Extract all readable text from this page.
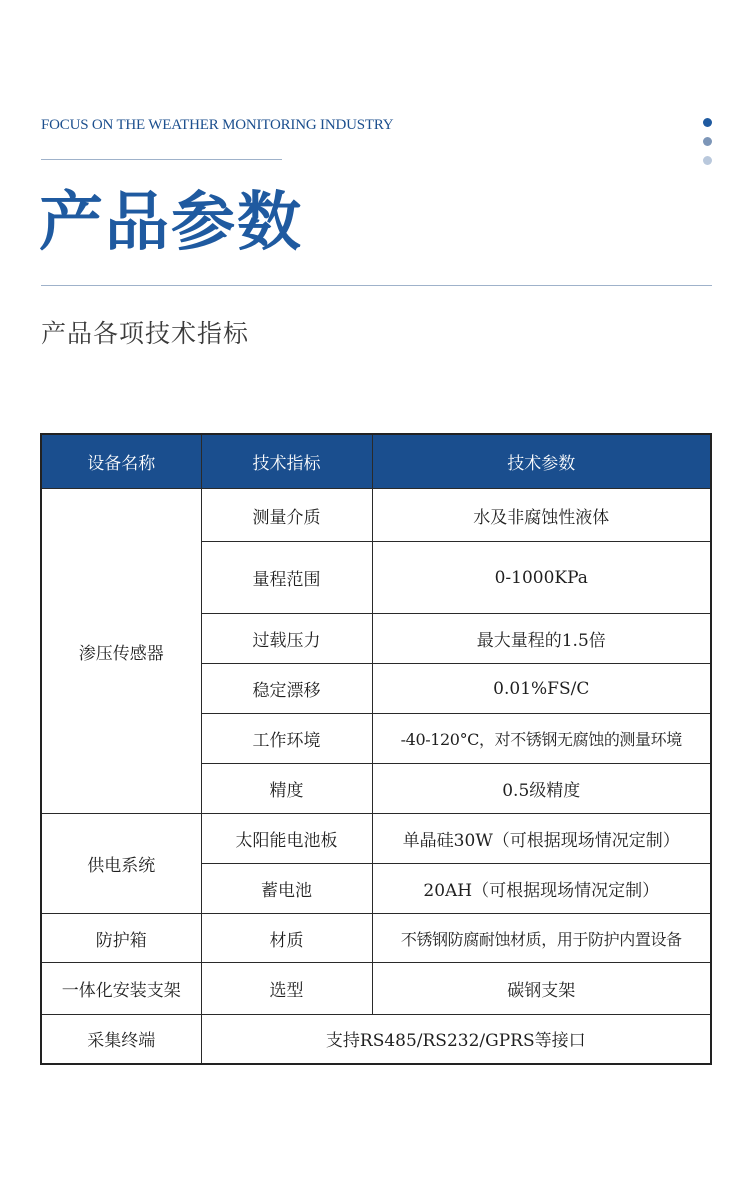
FOCUS ON THE WEATHER MONITORING INDUSTRY
产品参数
产品各项技术指标
设备名称	技术指标	技术参数
渗压传感器	测量介质	水及非腐蚀性液体
	量程范围	0-1000KPa
	过载压力	最大量程的1.5倍
	稳定漂移	0.01%FS/C
	工作环境	-40-120°C，对不锈钢无腐蚀的测量环境
	精度	0.5级精度
供电系统	太阳能电池板	单晶硅30W（可根据现场情况定制）
	蓄电池	20AH（可根据现场情况定制）
防护箱	材质	不锈钢防腐耐蚀材质，用于防护内置设备
一体化安装支架	选型	碳钢支架
采集终端	支持RS485/RS232/GPRS等接口	
